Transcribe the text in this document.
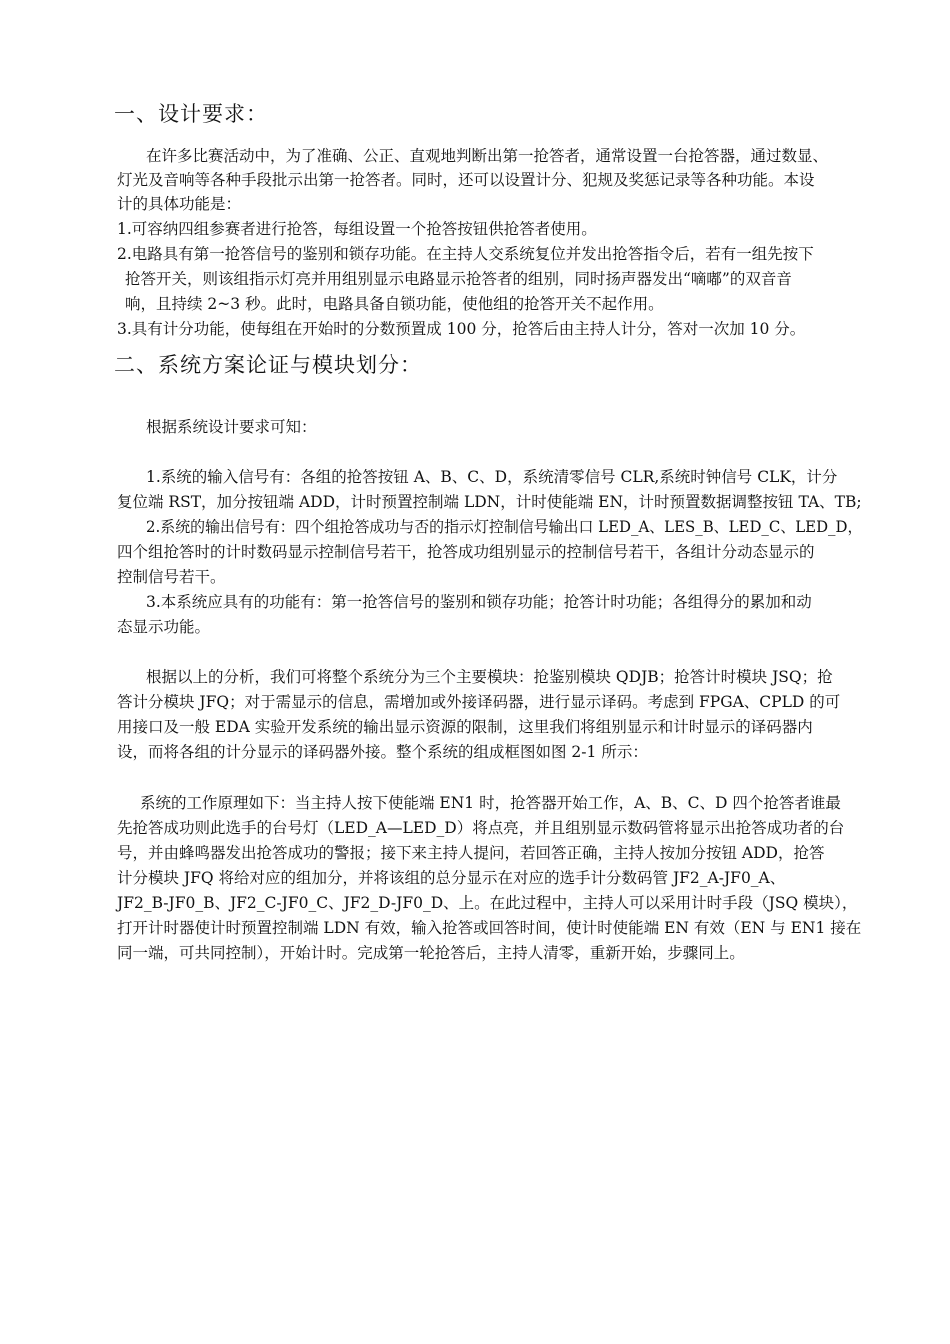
一、设计要求：
在许多比赛活动中，为了准确、公正、直观地判断出第一抢答者，通常设置一台抢答器，通过数显、
灯光及音响等各种手段批示出第一抢答者。同时，还可以设置计分、犯规及奖惩记录等各种功能。本设
计的具体功能是：
1.可容纳四组参赛者进行抢答，每组设置一个抢答按钮供抢答者使用。
2.电路具有第一抢答信号的鉴别和锁存功能。在主持人交系统复位并发出抢答指令后，若有一组先按下
抢答开关，则该组指示灯亮并用组别显示电路显示抢答者的组别，同时扬声器发出“嘀嘟”的双音音
响，且持续 2~3 秒。此时，电路具备自锁功能，使他组的抢答开关不起作用。
3.具有计分功能，使每组在开始时的分数预置成 100 分，抢答后由主持人计分，答对一次加 10 分。
二、系统方案论证与模块划分：
根据系统设计要求可知：
1.系统的输入信号有：各组的抢答按钮 A、B、C、D，系统清零信号 CLR,系统时钟信号 CLK，计分
复位端 RST，加分按钮端 ADD，计时预置控制端 LDN，计时使能端 EN，计时预置数据调整按钮 TA、TB;
2.系统的输出信号有：四个组抢答成功与否的指示灯控制信号输出口 LED_A、LES_B、LED_C、LED_D，
四个组抢答时的计时数码显示控制信号若干，抢答成功组别显示的控制信号若干，各组计分动态显示的
控制信号若干。
3.本系统应具有的功能有：第一抢答信号的鉴别和锁存功能；抢答计时功能；各组得分的累加和动
态显示功能。
根据以上的分析，我们可将整个系统分为三个主要模块：抢鉴别模块 QDJB；抢答计时模块 JSQ；抢
答计分模块 JFQ；对于需显示的信息，需增加或外接译码器，进行显示译码。考虑到 FPGA、CPLD 的可
用接口及一般 EDA 实验开发系统的输出显示资源的限制，这里我们将组别显示和计时显示的译码器内
设，而将各组的计分显示的译码器外接。整个系统的组成框图如图 2-1 所示：
系统的工作原理如下：当主持人按下使能端 EN1 时，抢答器开始工作，A、B、C、D 四个抢答者谁最
先抢答成功则此选手的台号灯（LED_A—LED_D）将点亮，并且组别显示数码管将显示出抢答成功者的台
号，并由蜂鸣器发出抢答成功的警报；接下来主持人提问，若回答正确，主持人按加分按钮 ADD，抢答
计分模块 JFQ 将给对应的组加分，并将该组的总分显示在对应的选手计分数码管 JF2_A-JF0_A、
JF2_B-JF0_B、JF2_C-JF0_C、JF2_D-JF0_D、上。在此过程中，主持人可以采用计时手段（JSQ 模块），
打开计时器使计时预置控制端 LDN 有效，输入抢答或回答时间，使计时使能端 EN 有效（EN 与 EN1 接在
同一端，可共同控制），开始计时。完成第一轮抢答后，主持人清零，重新开始，步骤同上。
